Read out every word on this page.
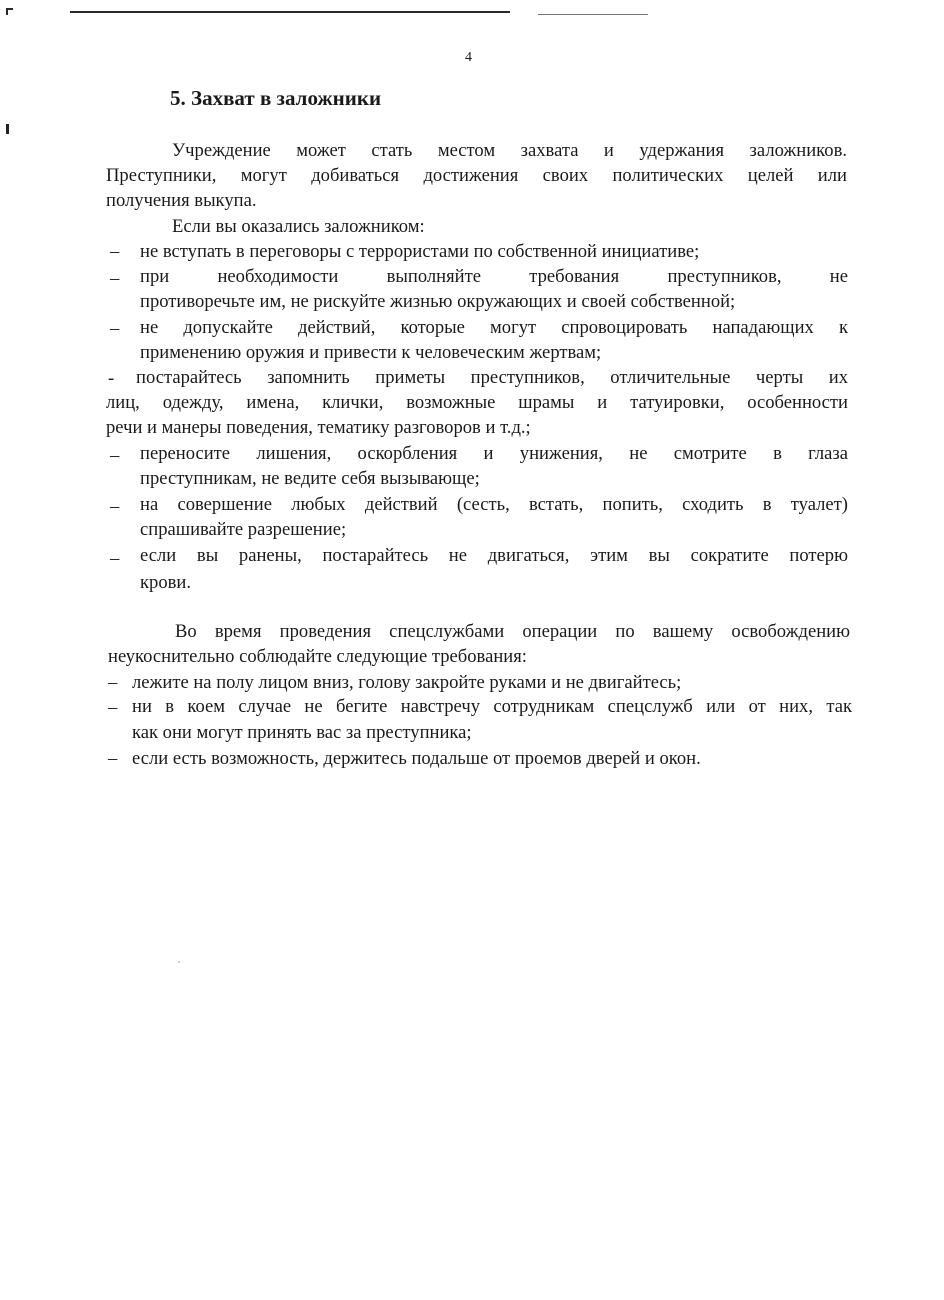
4
5. Захват в заложники
Учреждение может стать местом захвата и удержания заложников.
Преступники, могут добиваться достижения своих политических целей или
получения выкупа.
Если вы оказались заложником:
– не вступать в переговоры с террористами по собственной инициативе;
– при необходимости выполняйте требования преступников, не
противоречьте им, не рискуйте жизнью окружающих и своей собственной;
– не допускайте действий, которые могут спровоцировать нападающих к
применению оружия и привести к человеческим жертвам;
- постарайтесь запомнить приметы преступников, отличительные черты их
лиц, одежду, имена, клички, возможные шрамы и татуировки, особенности
речи и манеры поведения, тематику разговоров и т.д.;
– переносите лишения, оскорбления и унижения, не смотрите в глаза
преступникам, не ведите себя вызывающе;
– на совершение любых действий (сесть, встать, попить, сходить в туалет)
спрашивайте разрешение;
– если вы ранены, постарайтесь не двигаться, этим вы сократите потерю
крови.
Во время проведения спецслужбами операции по вашему освобождению
неукоснительно соблюдайте следующие требования:
– лежите на полу лицом вниз, голову закройте руками и не двигайтесь;
– ни в коем случае не бегите навстречу сотрудникам спецслужб или от них, так
как они могут принять вас за преступника;
– если есть возможность, держитесь подальше от проемов дверей и окон.
